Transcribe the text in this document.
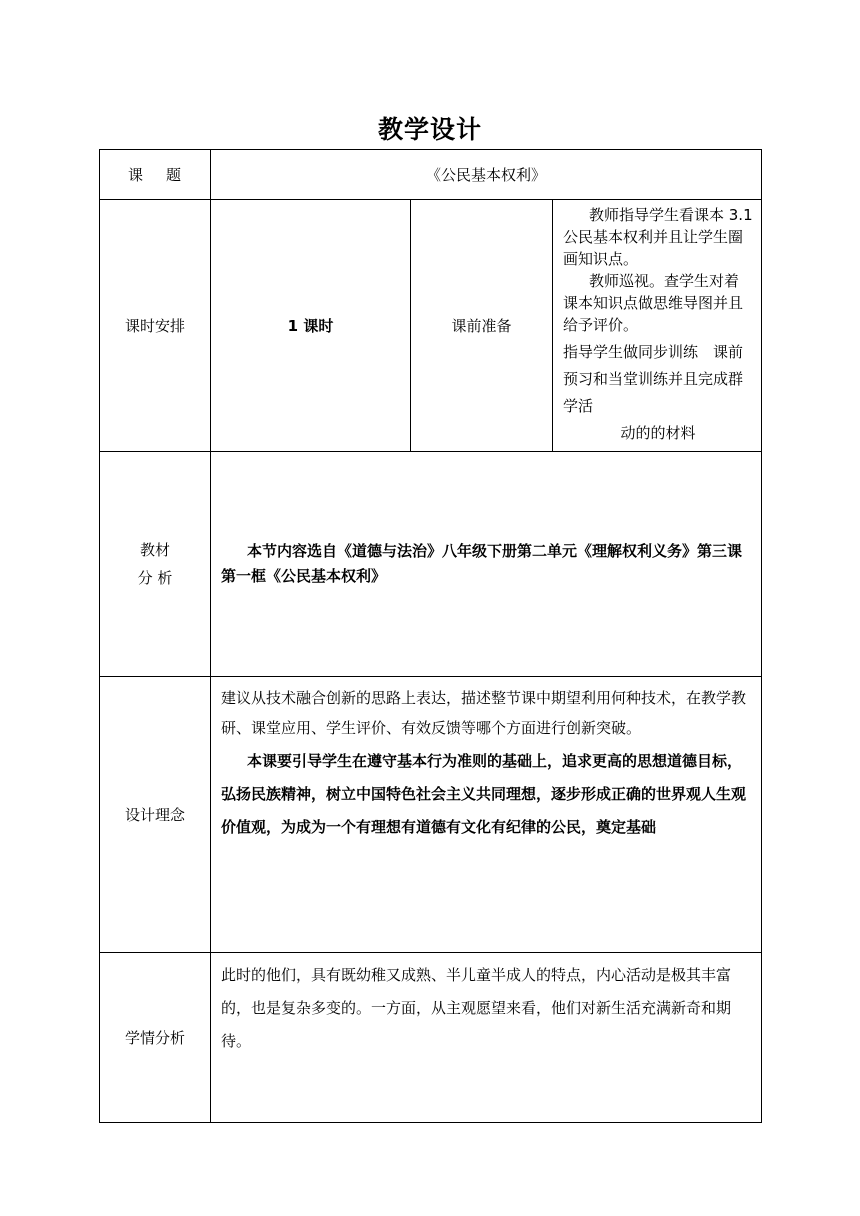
教学设计
课 题	《公民基本权利》		
课时安排	1 课时	课前准备	教师指导学生看课本 3.1 公民基本权利并且让学生圈画知识点。

教师巡视。查学生对着课本知识点做思维导图并且给予评价。

指导学生做同步训练　课前预习和当堂训练并且完成群学活

动的的材料

教材

分 析	本节内容选自《道德与法治》八年级下册第二单元《理解权利义务》第三课第一框《公民基本权利》		

设计理念	建议从技术融合创新的思路上表达，描述整节课中期望利用何种技术，在教学教研、课堂应用、学生评价、有效反馈等哪个方面进行创新突破。

本课要引导学生在遵守基本行为准则的基础上，追求更高的思想道德目标，弘扬民族精神，树立中国特色社会主义共同理想，逐步形成正确的世界观人生观价值观，为成为一个有理想有道德有文化有纪律的公民，奠定基础		

学情分析	此时的他们，具有既幼稚又成熟、半儿童半成人的特点，内心活动是极其丰富的，也是复杂多变的。一方面，从主观愿望来看，他们对新生活充满新奇和期待。		
